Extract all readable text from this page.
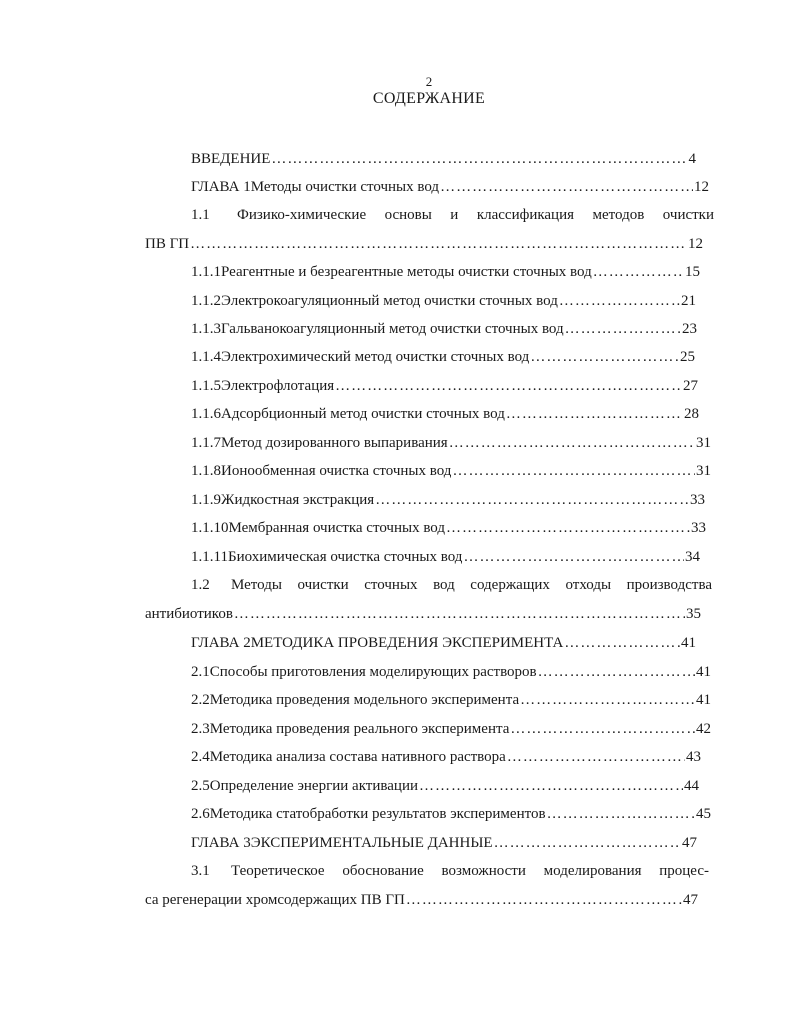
2
СОДЕРЖАНИЕ
ВВЕДЕНИЕ ………………………………………………………………………………………………………………………………………………………………	4
ГЛАВА 1 Методы очистки сточных вод ………………………………………………………………………………………………………………………………………………………………	12
1.1	Физико-химические основы и классификация методов очистки
ПВ ГП ………………………………………………………………………………………………………………………………………………………………	12
1.1.1 Реагентные и безреагентные методы очистки сточных вод ………………………………………………………………………………………………………………………………………………………………	15
1.1.2 Электрокоагуляционный метод очистки сточных вод ………………………………………………………………………………………………………………………………………………………………	21
1.1.3 Гальванокоагуляционный метод очистки сточных вод ………………………………………………………………………………………………………………………………………………………………	23
1.1.4 Электрохимический метод очистки сточных вод ………………………………………………………………………………………………………………………………………………………………	25
1.1.5 Электрофлотация ………………………………………………………………………………………………………………………………………………………………	27
1.1.6 Адсорбционный метод очистки сточных вод ………………………………………………………………………………………………………………………………………………………………	28
1.1.7 Метод дозированного выпаривания ………………………………………………………………………………………………………………………………………………………………	31
1.1.8 Ионообменная очистка сточных вод ………………………………………………………………………………………………………………………………………………………………	31
1.1.9 Жидкостная экстракция ………………………………………………………………………………………………………………………………………………………………	33
1.1.10 Мембранная очистка сточных вод ………………………………………………………………………………………………………………………………………………………………	33
1.1.11 Биохимическая очистка сточных вод ………………………………………………………………………………………………………………………………………………………………	34
1.2	Методы очистки сточных вод содержащих отходы производства
антибиотиков ………………………………………………………………………………………………………………………………………………………………	35
ГЛАВА 2 МЕТОДИКА ПРОВЕДЕНИЯ ЭКСПЕРИМЕНТА ………………………………………………………………………………………………………………………………………………………………	41
2.1 Способы приготовления моделирующих растворов ………………………………………………………………………………………………………………………………………………………………	41
2.2 Методика проведения модельного эксперимента ………………………………………………………………………………………………………………………………………………………………	41
2.3 Методика проведения реального эксперимента ………………………………………………………………………………………………………………………………………………………………	42
2.4 Методика анализа состава нативного раствора ………………………………………………………………………………………………………………………………………………………………	43
2.5 Определение энергии активации ………………………………………………………………………………………………………………………………………………………………	44
2.6 Методика статобработки результатов экспериментов ………………………………………………………………………………………………………………………………………………………………	45
ГЛАВА 3 ЭКСПЕРИМЕНТАЛЬНЫЕ ДАННЫЕ ………………………………………………………………………………………………………………………………………………………………	47
3.1	Теоретическое обоснование возможности моделирования процес-
са регенерации хромсодержащих ПВ ГП ………………………………………………………………………………………………………………………………………………………………	47
